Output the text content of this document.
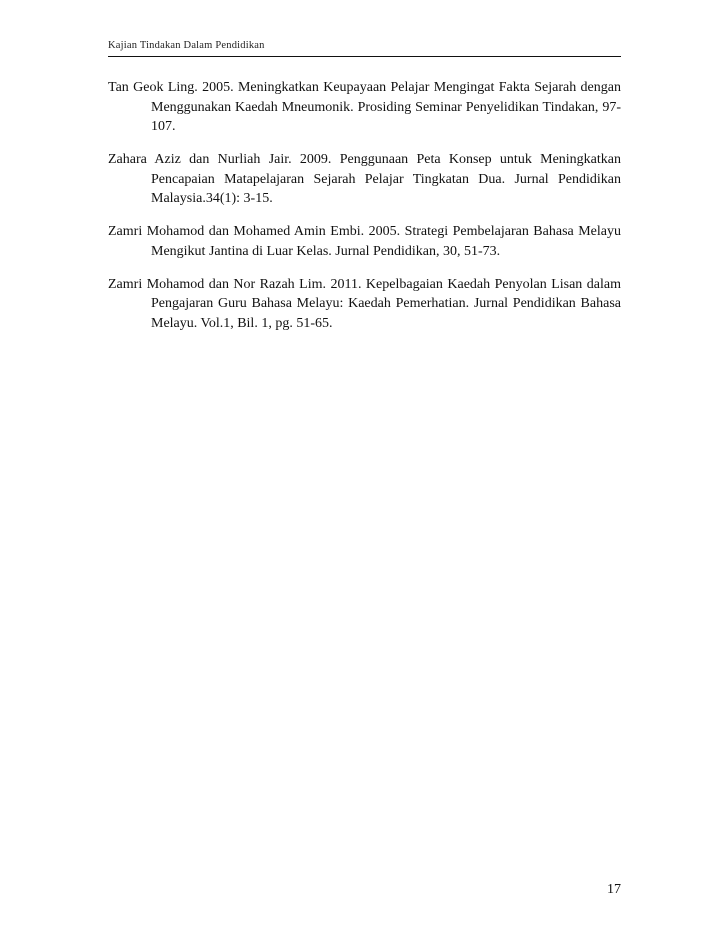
Kajian Tindakan Dalam Pendidikan

Tan Geok Ling. 2005. Meningkatkan Keupayaan Pelajar Mengingat Fakta Sejarah dengan Menggunakan Kaedah Mneumonik. Prosiding Seminar Penyelidikan Tindakan, 97-107.

Zahara Aziz dan Nurliah Jair. 2009. Penggunaan Peta Konsep untuk Meningkatkan Pencapaian Matapelajaran Sejarah Pelajar Tingkatan Dua. Jurnal Pendidikan Malaysia.34(1): 3-15.

Zamri Mohamod dan Mohamed Amin Embi. 2005. Strategi Pembelajaran Bahasa Melayu Mengikut Jantina di Luar Kelas. Jurnal Pendidikan, 30, 51-73.

Zamri Mohamod dan Nor Razah Lim. 2011. Kepelbagaian Kaedah Penyolan Lisan dalam Pengajaran Guru Bahasa Melayu: Kaedah Pemerhatian. Jurnal Pendidikan Bahasa Melayu. Vol.1, Bil. 1, pg. 51-65.

17
